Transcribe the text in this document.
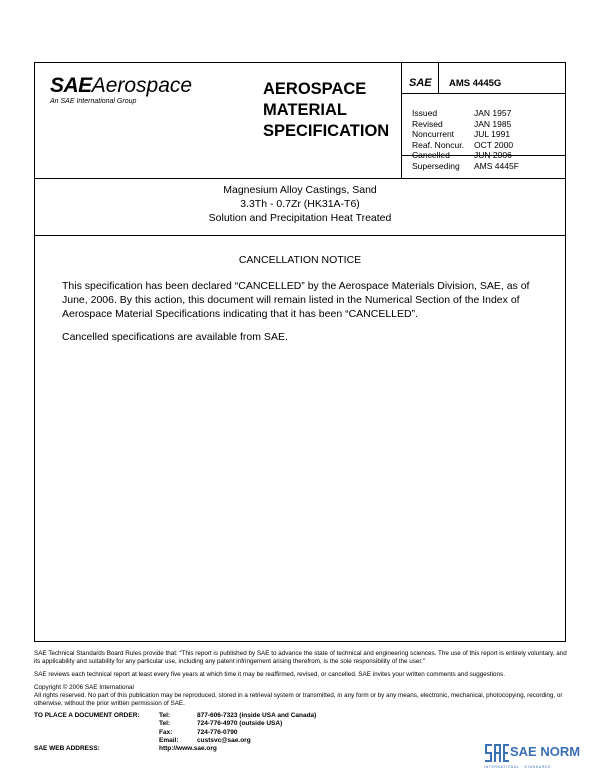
SAEAerospace
An SAE International Group
AEROSPACE
MATERIAL
SPECIFICATION
SAE AMS 4445G
Issued	JAN 1957
Revised	JAN 1985
Noncurrent	JUL 1991
Reaf. Noncur.	OCT 2000
Cancelled	JUN 2006
Superseding	AMS 4445F
Magnesium Alloy Castings, Sand
3.3Th - 0.7Zr (HK31A-T6)
Solution and Precipitation Heat Treated
CANCELLATION NOTICE
This specification has been declared “CANCELLED” by the Aerospace Materials Division, SAE, as of June, 2006. By this action, this document will remain listed in the Numerical Section of the Index of Aerospace Material Specifications indicating that it has been “CANCELLED”.
Cancelled specifications are available from SAE.
SAE Technical Standards Board Rules provide that: “This report is published by SAE to advance the state of technical and engineering sciences. The use of this report is entirely voluntary, and its applicability and suitability for any particular use, including any patent infringement arising therefrom, is the sole responsibility of the user.”
SAE reviews each technical report at least every five years at which time it may be reaffirmed, revised, or cancelled. SAE invites your written comments and suggestions.
Copyright © 2006 SAE International
All rights reserved. No part of this publication may be reproduced, stored in a retrieval system or transmitted, in any form or by any means, electronic, mechanical, photocopying, recording, or otherwise, without the prior written permission of SAE.
TO PLACE A DOCUMENT ORDER:	Tel:	877-606-7323 (inside USA and Canada)
Tel:	724-776-4970 (outside USA)
Fax:	724-776-0790
Email:	custsvc@sae.org
SAE WEB ADDRESS:	http://www.sae.org	SAE NORM
INTERNATIONAL · STANDARDS
